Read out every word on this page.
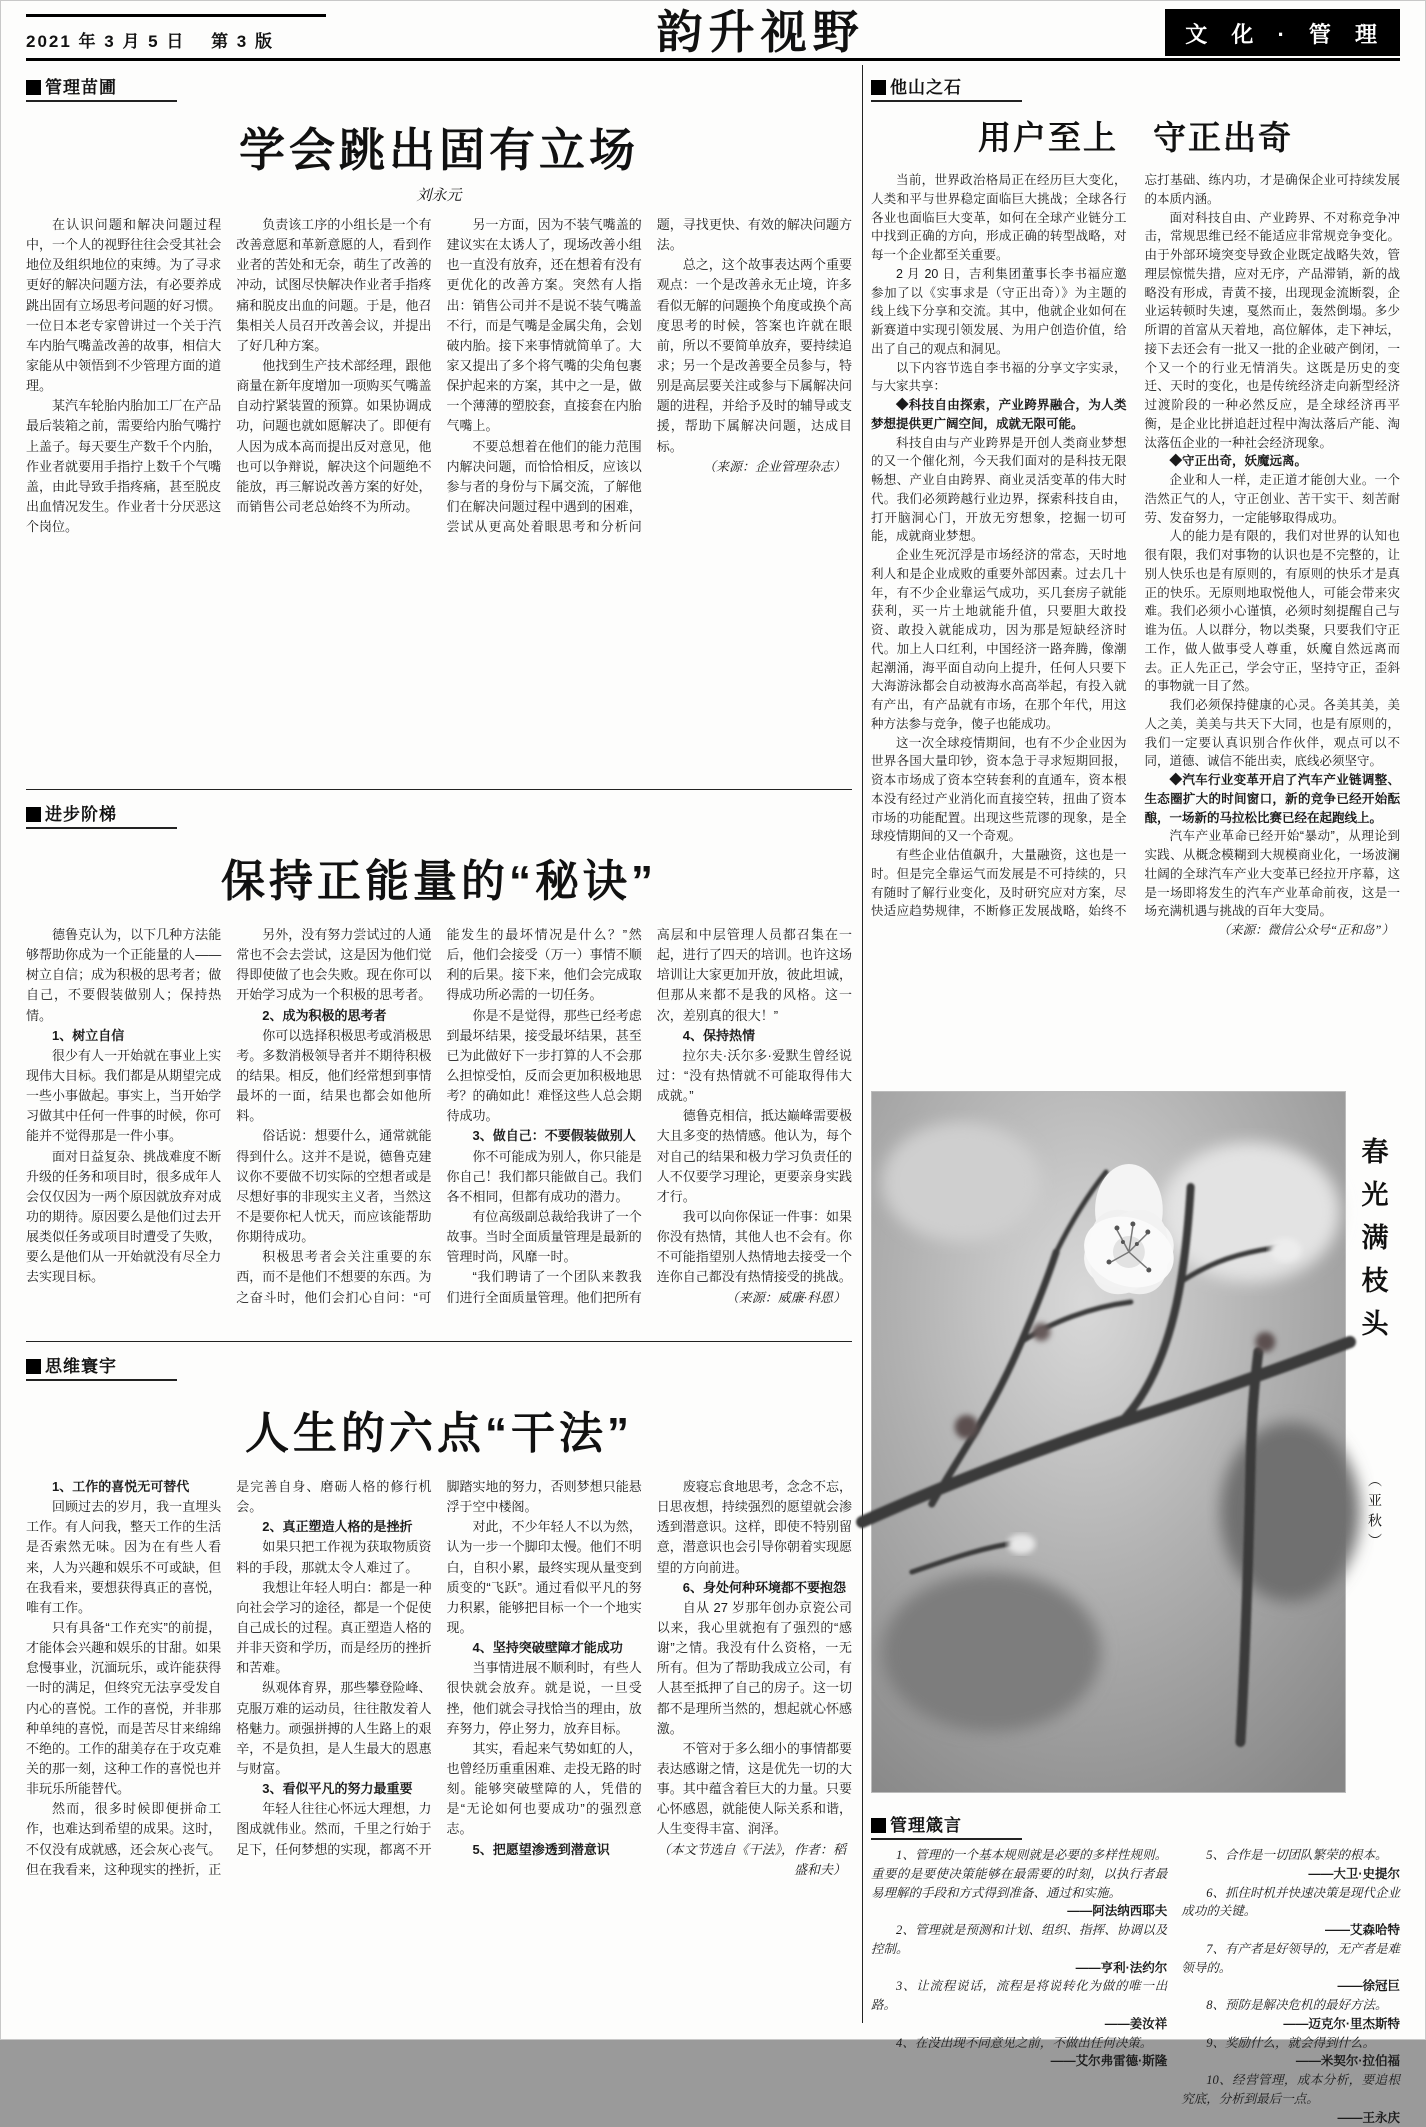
2021 年 3 月 5 日　 第 3 版	韵升视野	文 化 · 管 理
管理苗圃
学会跳出固有立场
刘永元

在认识问题和解决问题过程中，一个人的视野往往会受其社会地位及组织地位的束缚。为了寻求更好的解决问题方法，有必要养成跳出固有立场思考问题的好习惯。一位日本老专家曾讲过一个关于汽车内胎气嘴盖改善的故事，相信大家能从中领悟到不少管理方面的道理。

某汽车轮胎内胎加工厂在产品最后装箱之前，需要给内胎气嘴拧上盖子。每天要生产数千个内胎，作业者就要用手指拧上数千个气嘴盖，由此导致手指疼痛，甚至脱皮出血情况发生。作业者十分厌恶这个岗位。

负责该工序的小组长是一个有改善意愿和革新意愿的人，看到作业者的苦处和无奈，萌生了改善的冲动，试图尽快解决作业者手指疼痛和脱皮出血的问题。于是，他召集相关人员召开改善会议，并提出了好几种方案。

他找到生产技术部经理，跟他商量在新年度增加一项购买气嘴盖自动拧紧装置的预算。如果协调成功，问题也就如愿解决了。即便有人因为成本高而提出反对意见，他也可以争辩说，解决这个问题绝不能放，再三解说改善方案的好处，而销售公司老总始终不为所动。

另一方面，因为不装气嘴盖的建议实在太诱人了，现场改善小组也一直没有放弃，还在想着有没有更优化的改善方案。突然有人指出：销售公司并不是说不装气嘴盖不行，而是气嘴是金属尖角，会划破内胎。接下来事情就简单了。大家又提出了多个将气嘴的尖角包裹保护起来的方案，其中之一是，做一个薄薄的塑胶套，直接套在内胎气嘴上。

不要总想着在他们的能力范围内解决问题，而恰恰相反，应该以参与者的身份与下属交流，了解他们在解决问题过程中遇到的困难，尝试从更高处着眼思考和分析问题，寻找更快、有效的解决问题方法。

总之，这个故事表达两个重要观点：一个是改善永无止境，许多看似无解的问题换个角度或换个高度思考的时候，答案也许就在眼前，所以不要简单放弃，要持续追求；另一个是改善要全员参与，特别是高层要关注或参与下属解决问题的进程，并给予及时的辅导或支援，帮助下属解决问题，达成目标。

（来源：企业管理杂志）

进步阶梯
保持正能量的“秘诀”

德鲁克认为，以下几种方法能够帮助你成为一个正能量的人——树立自信；成为积极的思考者；做自己，不要假装做别人；保持热情。

1、树立自信

很少有人一开始就在事业上实现伟大目标。我们都是从期望完成一些小事做起。事实上，当开始学习做其中任何一件事的时候，你可能并不觉得那是一件小事。

面对日益复杂、挑战难度不断升级的任务和项目时，很多成年人会仅仅因为一两个原因就放弃对成功的期待。原因要么是他们过去开展类似任务或项目时遭受了失败，要么是他们从一开始就没有尽全力去实现目标。

另外，没有努力尝试过的人通常也不会去尝试，这是因为他们觉得即使做了也会失败。现在你可以开始学习成为一个积极的思考者。

2、成为积极的思考者

你可以选择积极思考或消极思考。多数消极领导者并不期待积极的结果。相反，他们经常想到事情最坏的一面，结果也都会如他所料。

俗话说：想要什么，通常就能得到什么。这并不是说，德鲁克建议你不要做不切实际的空想者或是尽想好事的非现实主义者，当然这不是要你杞人忧天，而应该能帮助你期待成功。

积极思考者会关注重要的东西，而不是他们不想要的东西。为之奋斗时，他们会扪心自问：“可能发生的最坏情况是什么？”然后，他们会接受（万一）事情不顺利的后果。接下来，他们会完成取得成功所必需的一切任务。

你是不是觉得，那些已经考虑到最坏结果，接受最坏结果，甚至已为此做好下一步打算的人不会那么担惊受怕，反而会更加积极地思考？的确如此！难怪这些人总会期待成功。

3、做自己：不要假装做别人

你不可能成为别人，你只能是你自己！我们都只能做自己。我们各不相同，但都有成功的潜力。

有位高级副总裁给我讲了一个故事。当时全面质量管理是最新的管理时尚，风靡一时。

“我们聘请了一个团队来教我们进行全面质量管理。他们把所有高层和中层管理人员都召集在一起，进行了四天的培训。也许这场培训让大家更加开放，彼此坦诚，但那从来都不是我的风格。这一次，差别真的很大！”

4、保持热情

拉尔夫·沃尔多·爱默生曾经说过：“没有热情就不可能取得伟大成就。”

德鲁克相信，抵达巅峰需要极大且多变的热情感。他认为，每个对自己的结果和极力学习负责任的人不仅要学习理论，更要亲身实践才行。

我可以向你保证一件事：如果你没有热情，其他人也不会有。你不可能指望别人热情地去接受一个连你自己都没有热情接受的挑战。

（来源：威廉·科恩）

思维寰宇
人生的六点“干法”

1、工作的喜悦无可替代

回顾过去的岁月，我一直埋头工作。有人问我，整天工作的生活是否索然无味。因为在有些人看来，人为兴趣和娱乐不可或缺，但在我看来，要想获得真正的喜悦，唯有工作。

只有具备“工作充实”的前提，才能体会兴趣和娱乐的甘甜。如果怠慢事业，沉湎玩乐，或许能获得一时的满足，但终究无法享受发自内心的喜悦。工作的喜悦，并非那种单纯的喜悦，而是苦尽甘来绵绵不绝的。工作的甜美存在于攻克难关的那一刻，这种工作的喜悦也并非玩乐所能替代。

然而，很多时候即便拼命工作，也难达到希望的成果。这时，不仅没有成就感，还会灰心丧气。但在我看来，这种现实的挫折，正是完善自身、磨砺人格的修行机会。

2、真正塑造人格的是挫折

如果只把工作视为获取物质资料的手段，那就太令人难过了。

我想让年轻人明白：都是一种向社会学习的途径，都是一个促使自己成长的过程。真正塑造人格的并非天资和学历，而是经历的挫折和苦难。

纵观体育界，那些攀登险峰、克服万难的运动员，往往散发着人格魅力。顽强拼搏的人生路上的艰辛，不是负担，是人生最大的恩惠与财富。

3、看似平凡的努力最重要

年轻人往往心怀远大理想，力图成就伟业。然而，千里之行始于足下，任何梦想的实现，都离不开脚踏实地的努力，否则梦想只能悬浮于空中楼阁。

对此，不少年轻人不以为然，认为一步一个脚印太慢。他们不明白，自积小累，最终实现从量变到质变的“飞跃”。通过看似平凡的努力积累，能够把目标一个一个地实现。

4、坚持突破壁障才能成功

当事情进展不顺利时，有些人很快就会放弃。就是说，一旦受挫，他们就会寻找恰当的理由，放弃努力，停止努力，放弃目标。

其实，看起来气势如虹的人，也曾经历重重困难、走投无路的时刻。能够突破壁障的人，凭借的是“无论如何也要成功”的强烈意志。

5、把愿望渗透到潜意识

废寝忘食地思考，念念不忘，日思夜想，持续强烈的愿望就会渗透到潜意识。这样，即使不特别留意，潜意识也会引导你朝着实现愿望的方向前进。

6、身处何种环境都不要抱怨

自从 27 岁那年创办京瓷公司以来，我心里就抱有了强烈的“感谢”之情。我没有什么资格，一无所有。但为了帮助我成立公司，有人甚至抵押了自己的房子。这一切都不是理所当然的，想起就心怀感激。

不管对于多么细小的事情都要表达感谢之情，这是优先一切的大事。其中蕴含着巨大的力量。只要心怀感恩，就能使人际关系和谐，人生变得丰富、润泽。

（本文节选自《干法》，作者：稻盛和夫）

他山之石
用户至上　守正出奇

当前，世界政治格局正在经历巨大变化，人类和平与世界稳定面临巨大挑战；全球各行各业也面临巨大变革，如何在全球产业链分工中找到正确的方向，形成正确的转型战略，对每一个企业都至关重要。

2 月 20 日，吉利集团董事长李书福应邀参加了以《实事求是（守正出奇）》为主题的线上线下分享和交流。其中，他就企业如何在新赛道中实现引领发展、为用户创造价值，给出了自己的观点和洞见。

以下内容节选自李书福的分享文字实录，与大家共享：

◆科技自由探索，产业跨界融合，为人类梦想提供更广阔空间，成就无限可能。

科技自由与产业跨界是开创人类商业梦想的又一个催化剂，今天我们面对的是科技无限畅想、产业自由跨界、商业灵活变革的伟大时代。我们必须跨越行业边界，探索科技自由，打开脑洞心门，开放无穷想象，挖掘一切可能，成就商业梦想。

企业生死沉浮是市场经济的常态，天时地利人和是企业成败的重要外部因素。过去几十年，有不少企业靠运气成功，买几套房子就能获利，买一片土地就能升值，只要胆大敢投资、敢投入就能成功，因为那是短缺经济时代。加上人口红利，中国经济一路奔腾，像潮起潮涌，海平面自动向上提升，任何人只要下大海游泳都会自动被海水高高举起，有投入就有产出，有产品就有市场，在那个年代，用这种方法参与竞争，傻子也能成功。

这一次全球疫情期间，也有不少企业因为世界各国大量印钞，资本急于寻求短期回报，资本市场成了资本空转套利的直通车，资本根本没有经过产业消化而直接空转，扭曲了资本市场的功能配置。出现这些荒谬的现象，是全球疫情期间的又一个奇观。

有些企业估值飙升，大量融资，这也是一时。但是完全靠运气而发展是不可持续的，只有随时了解行业变化，及时研究应对方案，尽快适应趋势规律，不断修正发展战略，始终不忘打基础、练内功，才是确保企业可持续发展的本质内涵。

面对科技自由、产业跨界、不对称竞争冲击，常规思维已经不能适应非常规竞争变化。由于外部环境突变导致企业既定战略失效，管理层惊慌失措，应对无序，产品滞销，新的战略没有形成，青黄不接，出现现金流断裂，企业运转顿时失速，戛然而止，轰然倒塌。多少所谓的首富从天着地，高位解体，走下神坛，接下去还会有一批又一批的企业破产倒闭，一个又一个的行业无情消失。这既是历史的变迁、天时的变化，也是传统经济走向新型经济过渡阶段的一种必然反应，是全球经济再平衡，是企业比拼追赶过程中淘汰落后产能、淘汰落伍企业的一种社会经济现象。

◆守正出奇，妖魔远离。

企业和人一样，走正道才能创大业。一个浩然正气的人，守正创业、苦干实干、刻苦耐劳、发奋努力，一定能够取得成功。

人的能力是有限的，我们对世界的认知也很有限，我们对事物的认识也是不完整的，让别人快乐也是有原则的，有原则的快乐才是真正的快乐。无原则地取悦他人，可能会带来灾难。我们必须小心谨慎，必须时刻提醒自己与谁为伍。人以群分，物以类聚，只要我们守正工作，做人做事受人尊重，妖魔自然远离而去。正人先正己，学会守正，坚持守正，歪斜的事物就一目了然。

我们必须保持健康的心灵。各美其美，美人之美，美美与共天下大同，也是有原则的，我们一定要认真识别合作伙伴，观点可以不同，道德、诚信不能出卖，底线必须坚守。

◆汽车行业变革开启了汽车产业链调整、生态圈扩大的时间窗口，新的竞争已经开始酝酿，一场新的马拉松比赛已经在起跑线上。

汽车产业革命已经开始“暴动”，从理论到实践、从概念模糊到大规模商业化，一场波澜壮阔的全球汽车产业大变革已经拉开序幕，这是一场即将发生的汽车产业革命前夜，这是一场充满机遇与挑战的百年大变局。

（来源：微信公众号“正和岛”）

春光满枝头
（亚秋）
管理箴言

1、管理的一个基本规则就是必要的多样性规则。重要的是要使决策能够在最需要的时刻，以执行者最易理解的手段和方式得到准备、通过和实施。
—— 阿法纳西耶夫

2、管理就是预测和计划、组织、指挥、协调以及控制。
—— 亨利·法约尔

3、让流程说话，流程是将说转化为做的唯一出路。
—— 姜汝祥

4、在没出现不同意见之前，不做出任何决策。
—— 艾尔弗雷德·斯隆

5、合作是一切团队繁荣的根本。
—— 大卫·史提尔

6、抓住时机并快速决策是现代企业成功的关键。
—— 艾森哈特

7、有产者是好领导的，无产者是难领导的。
—— 徐冠巨

8、预防是解决危机的最好方法。
—— 迈克尔·里杰斯特

9、奖励什么，就会得到什么。
—— 米契尔·拉伯福

10、经营管理，成本分析，要追根究底，分析到最后一点。
—— 王永庆
